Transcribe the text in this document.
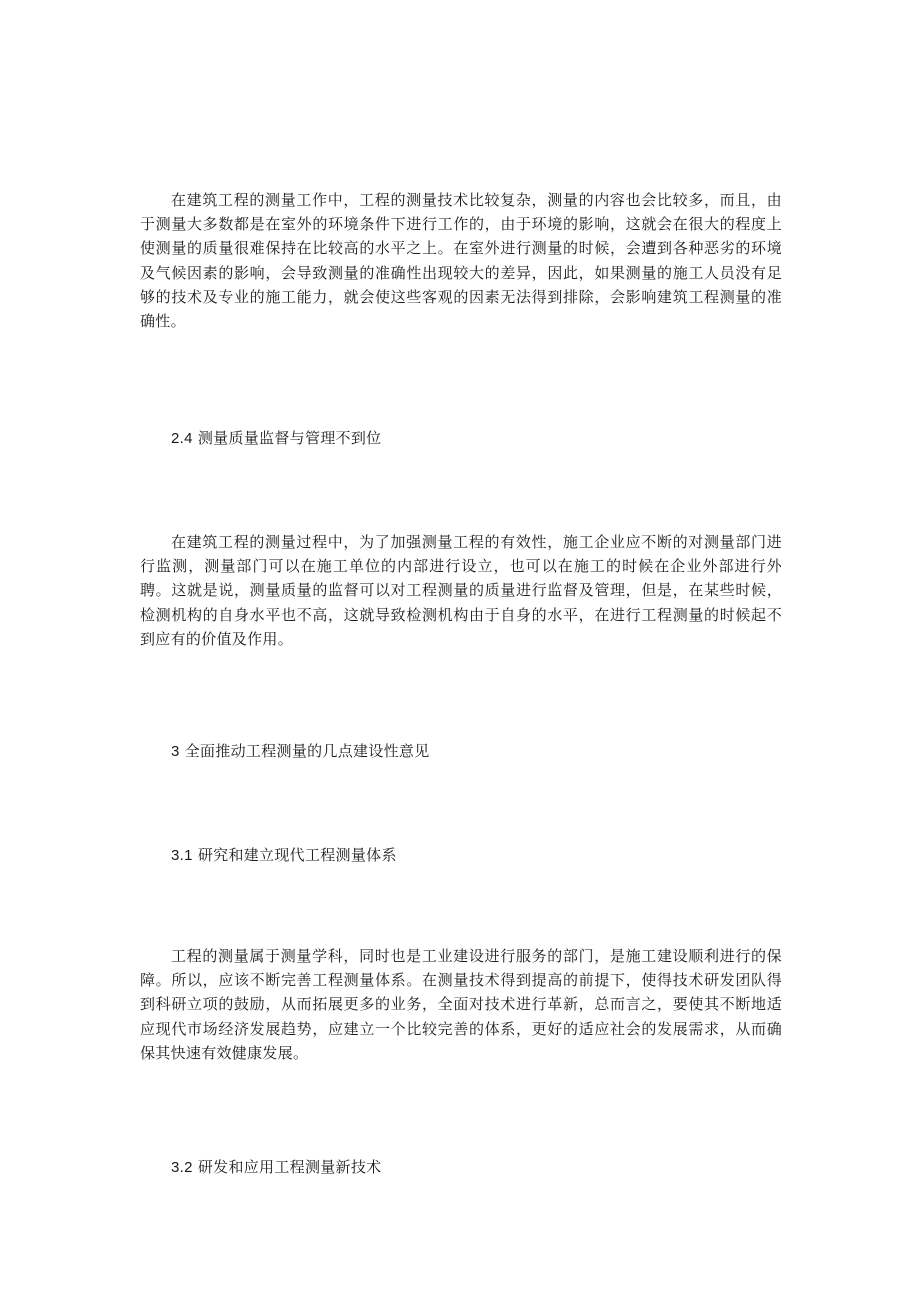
在建筑工程的测量工作中，工程的测量技术比较复杂，测量的内容也会比较多，而且，由于测量大多数都是在室外的环境条件下进行工作的，由于环境的影响，这就会在很大的程度上使测量的质量很难保持在比较高的水平之上。在室外进行测量的时候，会遭到各种恶劣的环境及气候因素的影响，会导致测量的准确性出现较大的差异，因此，如果测量的施工人员没有足够的技术及专业的施工能力，就会使这些客观的因素无法得到排除，会影响建筑工程测量的准确性。

2.4 测量质量监督与管理不到位

在建筑工程的测量过程中，为了加强测量工程的有效性，施工企业应不断的对测量部门进行监测，测量部门可以在施工单位的内部进行设立，也可以在施工的时候在企业外部进行外聘。这就是说，测量质量的监督可以对工程测量的质量进行监督及管理，但是，在某些时候，检测机构的自身水平也不高，这就导致检测机构由于自身的水平，在进行工程测量的时候起不到应有的价值及作用。

3 全面推动工程测量的几点建设性意见
3.1 研究和建立现代工程测量体系

工程的测量属于测量学科，同时也是工业建设进行服务的部门，是施工建设顺利进行的保障。所以，应该不断完善工程测量体系。在测量技术得到提高的前提下，使得技术研发团队得到科研立项的鼓励，从而拓展更多的业务，全面对技术进行革新，总而言之，要使其不断地适应现代市场经济发展趋势，应建立一个比较完善的体系，更好的适应社会的发展需求，从而确保其快速有效健康发展。

3.2 研发和应用工程测量新技术
